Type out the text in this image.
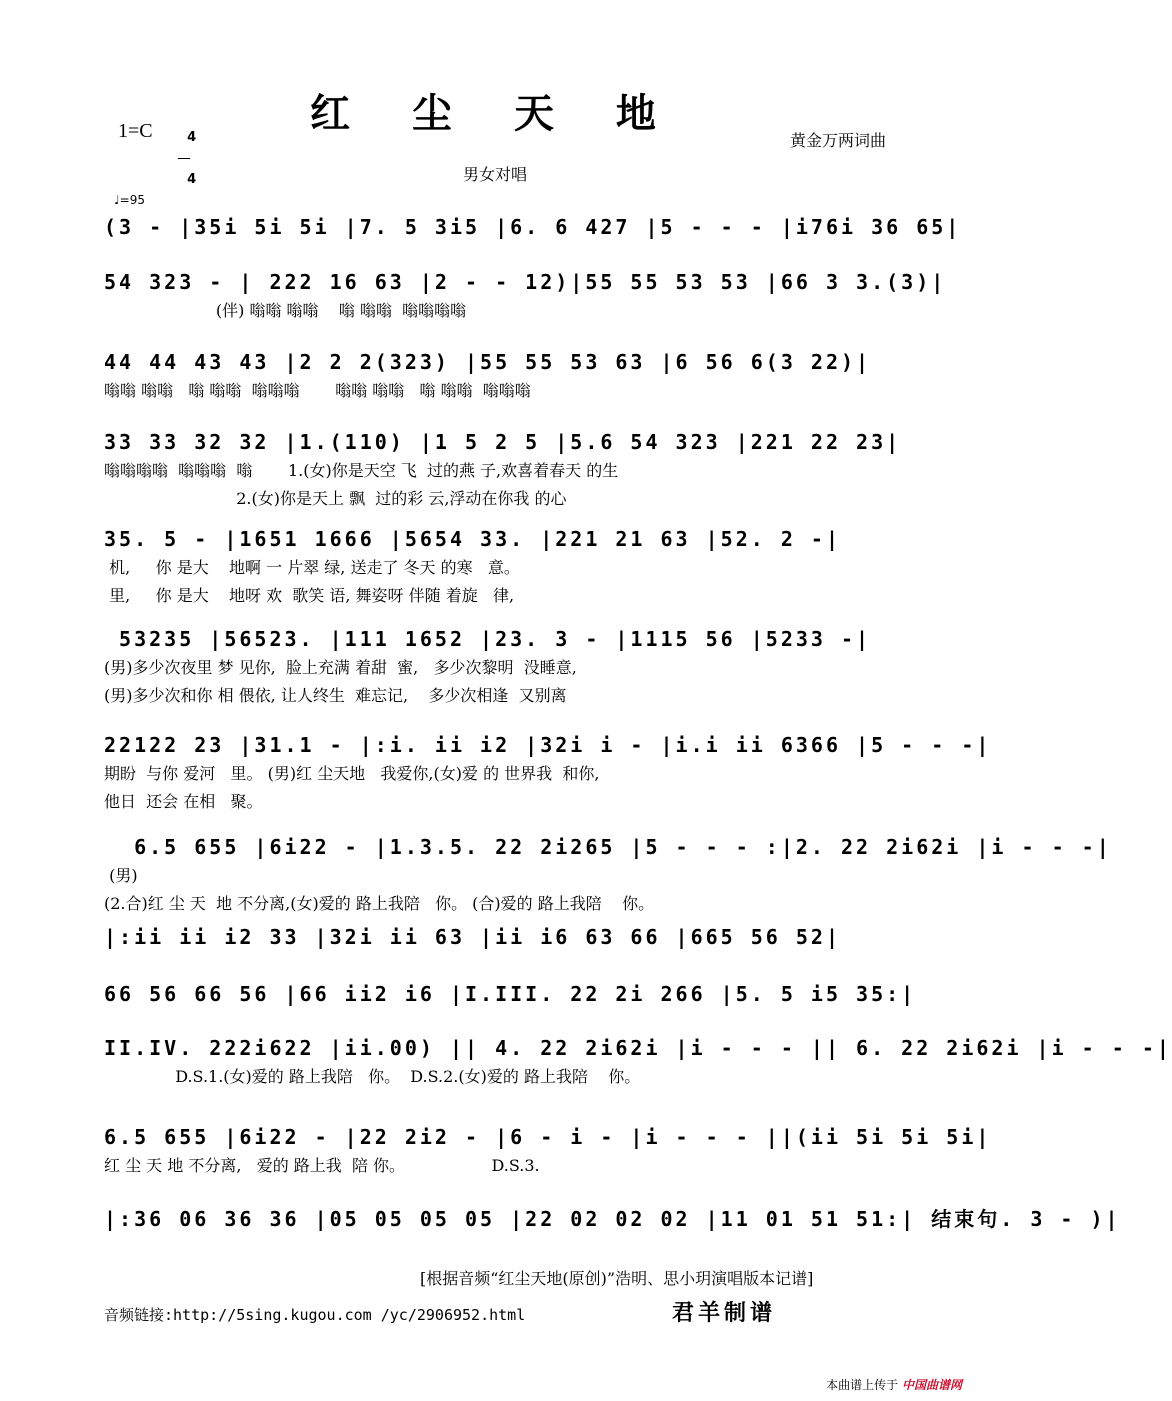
红 尘 天 地
1=C	4

4

黄金万两词曲
男女对唱
♩=95
(3 - |35i 5i 5i |7. 5 3i5 |6. 6 427 |5 - - - |i76i 36 65|
54 323 - | 222 16 63 |2 - - 12)|55 55 53 53 |66 3 3.(3)|
(伴) 嗡嗡 嗡嗡    嗡 嗡嗡  嗡嗡嗡嗡
44 44 43 43 |2 2 2(323) |55 55 53 63 |6 56 6(3 22)|
嗡嗡 嗡嗡   嗡 嗡嗡  嗡嗡嗡       嗡嗡 嗡嗡   嗡 嗡嗡  嗡嗡嗡
33 33 32 32 |1.(110) |1 5 2 5 |5.6 54 323 |221 22 23|
嗡嗡嗡嗡  嗡嗡嗡  嗡       1.(女)你是天空 飞  过的燕 子,欢喜着春天 的生
2.(女)你是天上 飘  过的彩 云,浮动在你我 的心
35. 5 - |1651 1666 |5654 33. |221 21 63 |52. 2 -|
机,     你 是大    地啊 一 片翠 绿, 送走了 冬天 的寒   意。
里,     你 是大    地呀 欢  歌笑 语, 舞姿呀 伴随 着旋   律,
53235 |56523. |111 1652 |23. 3 - |1115 56 |5233 -|
(男)多少次夜里 梦 见你,  脸上充满 着甜  蜜,   多少次黎明  没睡意,
(男)多少次和你 相 偎依, 让人终生  难忘记,    多少次相逢  又别离
22122 23 |31.1 - |:i. ii i2 |32i i - |i.i ii 6366 |5 - - -|
期盼  与你 爱河   里。 (男)红 尘天地   我爱你,(女)爱 的 世界我  和你,
他日  还会 在相   聚。
6.5 655 |6i22 - |1.3.5. 22 2i265 |5 - - - :|2. 22 2i62i |i - - -|
(男)
(2.合)红 尘 天  地 不分离,(女)爱的 路上我陪   你。 (合)爱的 路上我陪    你。
|:ii ii i2 33 |32i ii 63 |ii i6 63 66 |665 56 52|
66 56 66 56 |66 ii2 i6 |I.III. 22 2i 266 |5. 5 i5 35:|
II.IV. 222i622 |ii.00) || 4. 22 2i62i |i - - - || 6. 22 2i62i |i - - -|
D.S.1.(女)爱的 路上我陪   你。  D.S.2.(女)爱的 路上我陪    你。
6.5 655 |6i22 - |22 2i2 - |6 - i - |i - - - ||(ii 5i 5i 5i|
红 尘 天 地 不分离,   爱的 路上我  陪 你。                 D.S.3.
|:36 06 36 36 |05 05 05 05 |22 02 02 02 |11 01 51 51:| 结束句. 3 - )|
[根据音频“红尘天地(原创)”浩明、思小玥演唱版本记谱]
音频链接:http://5sing.kugou.com /yc/2906952.html	君羊制谱
本曲谱上传于 中国曲谱网
